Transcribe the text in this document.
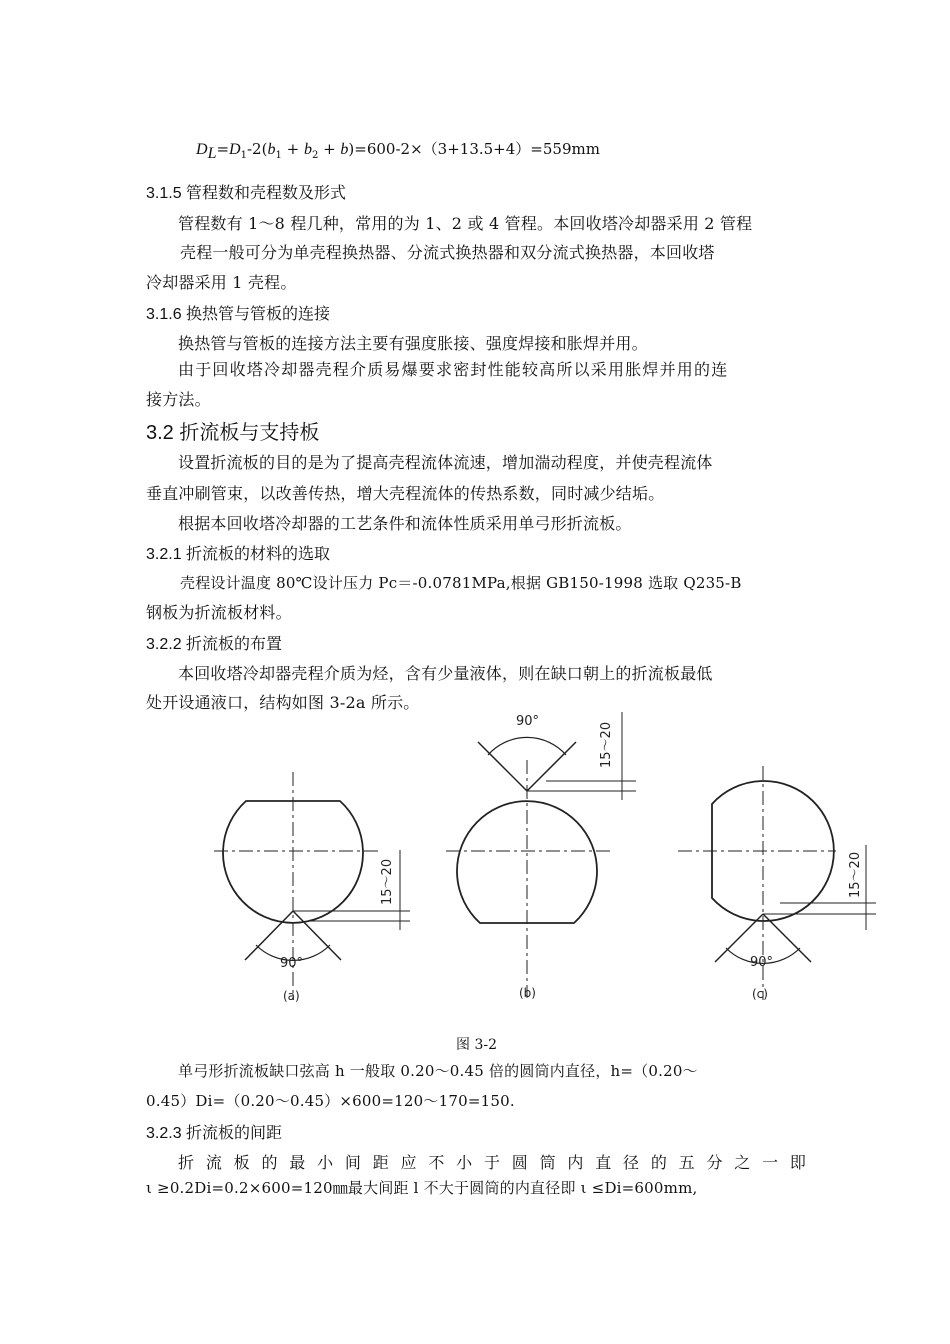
$D_L=D_1-2(b_1 + b_2 + b)=600-2\times(3+13.5+4)=559mm$
3.1.5 管程数和壳程数及形式
管程数有 1～8 程几种，常用的为 1、2 或 4 管程。本回收塔冷却器采用 2 管程
壳程一般可分为单壳程换热器、分流式换热器和双分流式换热器，本回收塔
冷却器采用 1 壳程。
3.1.6 换热管与管板的连接
换热管与管板的连接方法主要有强度胀接、强度焊接和胀焊并用。
由于回收塔冷却器壳程介质易爆要求密封性能较高所以采用胀焊并用的连
接方法。
3.2 折流板与支持板
设置折流板的目的是为了提高壳程流体流速，增加湍动程度，并使壳程流体
垂直冲刷管束，以改善传热，增大壳程流体的传热系数，同时减少结垢。
根据本回收塔冷却器的工艺条件和流体性质采用单弓形折流板。
3.2.1 折流板的材料的选取
壳程设计温度 80℃设计压力 Pc＝-0.0781MPa,根据 GB150-1998 选取 Q235-B
钢板为折流板材料。
3.2.2 折流板的布置
本回收塔冷却器壳程介质为烃，含有少量液体，则在缺口朝上的折流板最低
处开设通液口，结构如图 3-2a 所示。
90°
90°
90°
15～20
15～20
15～20
(a)	(b)	(c)
图 3-2
单弓形折流板缺口弦高 h 一般取 0.20～0.45 倍的圆筒内直径，h=（0.20～
0.45）Di=（0.20～0.45）×600=120～170=150.
3.2.3 折流板的间距
折 流 板 的 最 小 间 距 应 不 小 于 圆 筒 内 直 径 的 五 分 之 一 即
ι ≥0.2Di=0.2×600=120㎜最大间距 l 不大于圆筒的内直径即 ι ≤Di=600mm,
